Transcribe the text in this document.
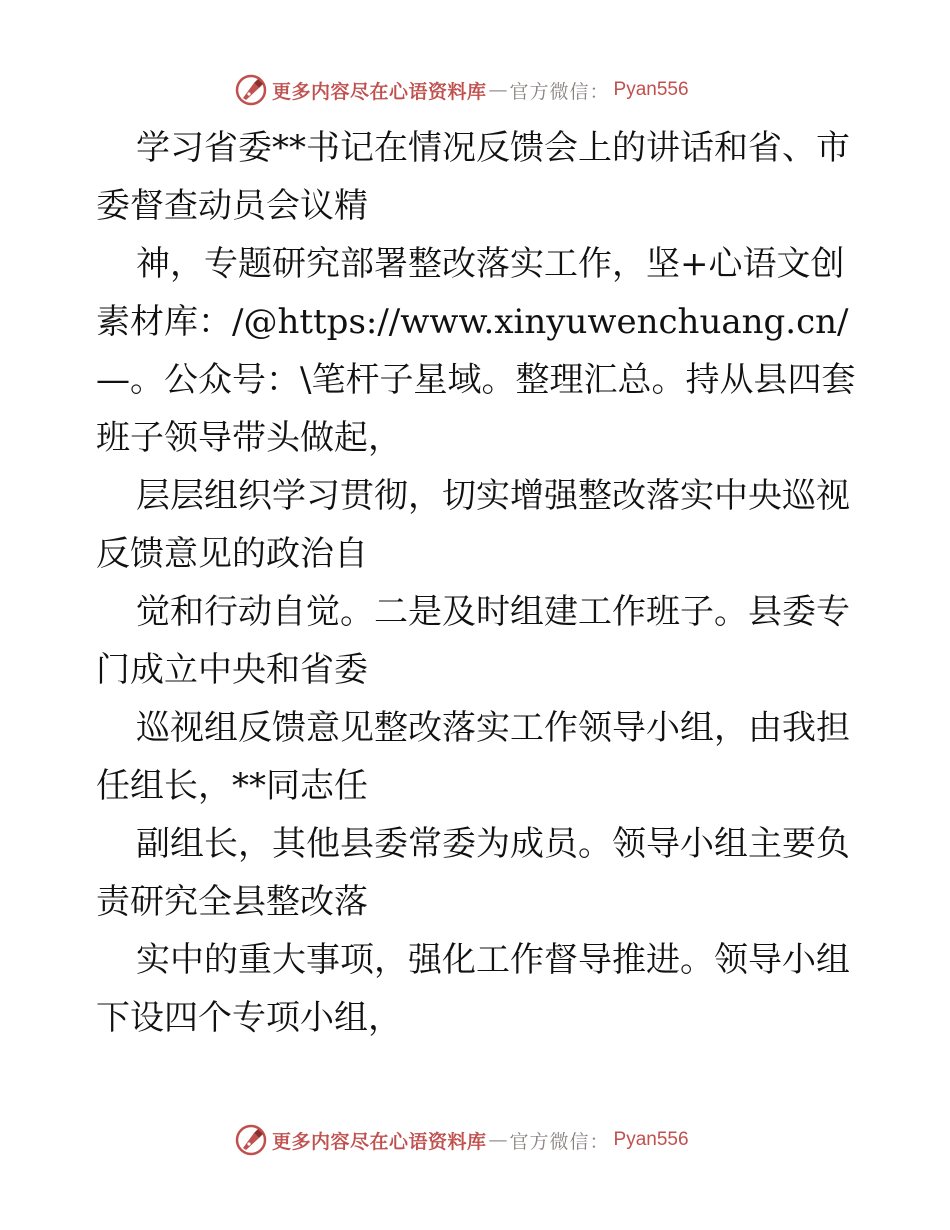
更多内容尽在心语资料库 — 官方微信： Pyan556

学习省委**书记在情况反馈会上的讲话和省、市委督查动员会议精

神，专题研究部署整改落实工作，坚+心语文创素材库：/@https://www.xinyuwenchuang.cn/—。公众号：\笔杆子星域。整理汇总。持从县四套班子领导带头做起，

层层组织学习贯彻，切实增强整改落实中央巡视反馈意见的政治自

觉和行动自觉。二是及时组建工作班子。县委专门成立中央和省委

巡视组反馈意见整改落实工作领导小组，由我担任组长，**同志任

副组长，其他县委常委为成员。领导小组主要负责研究全县整改落

实中的重大事项，强化工作督导推进。领导小组下设四个专项小组，

更多内容尽在心语资料库 — 官方微信： Pyan556
